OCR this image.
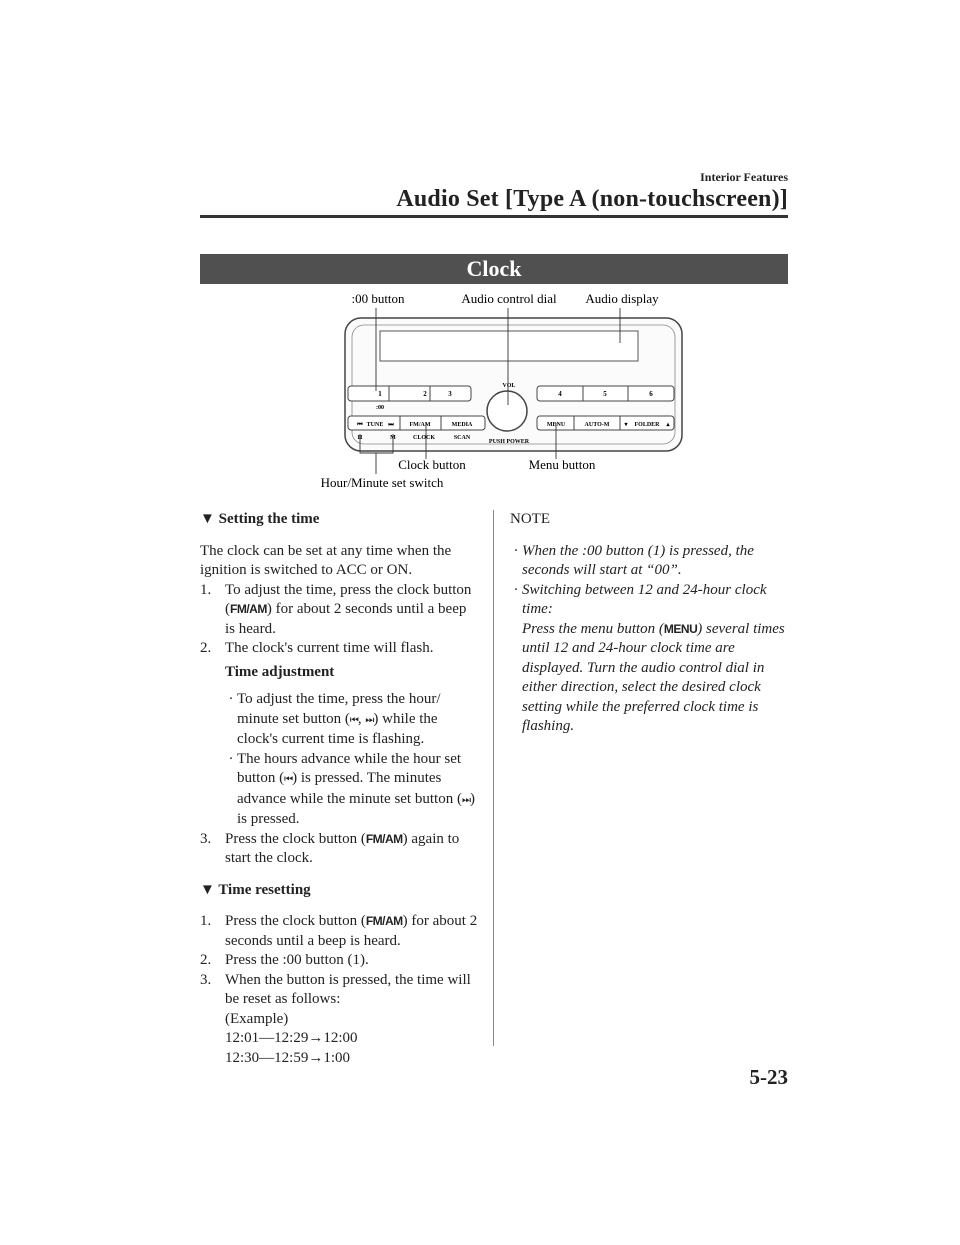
Interior Features
Audio Set [Type A (non-touchscreen)]
Clock
:00 button	Audio control dial Audio display
1	2	3	4	5	6
:00
VOL
PUSH POWER
TUNE
⏮	⏭	FM/AM	MEDIA	MENU	AUTO-M	FOLDER
▾	▴
H	M	CLOCK	SCAN
Clock button	Menu button
Hour/Minute set switch
▼ Setting the time

The clock can be set at any time when the ignition is switched to ACC or ON.

1. To adjust the time, press the clock button (FM/AM) for about 2 seconds until a beep is heard.
2. The clock's current time will flash.
Time adjustment
· To adjust the time, press the hour/ minute set button (⏮, ⏭) while the clock's current time is flashing.
· The hours advance while the hour set button (⏮) is pressed. The minutes advance while the minute set button (⏭) is pressed.
3. Press the clock button (FM/AM) again to start the clock.
▼ Time resetting
1. Press the clock button (FM/AM) for about 2 seconds until a beep is heard.
2. Press the :00 button (1).
3. When the button is pressed, the time will be reset as follows:

(Example)

12:01―12:29→12:00

12:30―12:59→1:00

NOTE
· When the :00 button (1) is pressed, the seconds will start at “00”.
· Switching between 12 and 24-hour clock time:
Press the menu button (MENU) several times until 12 and 24-hour clock time are displayed. Turn the audio control dial in either direction, select the desired clock setting while the preferred clock time is flashing.
5-23
